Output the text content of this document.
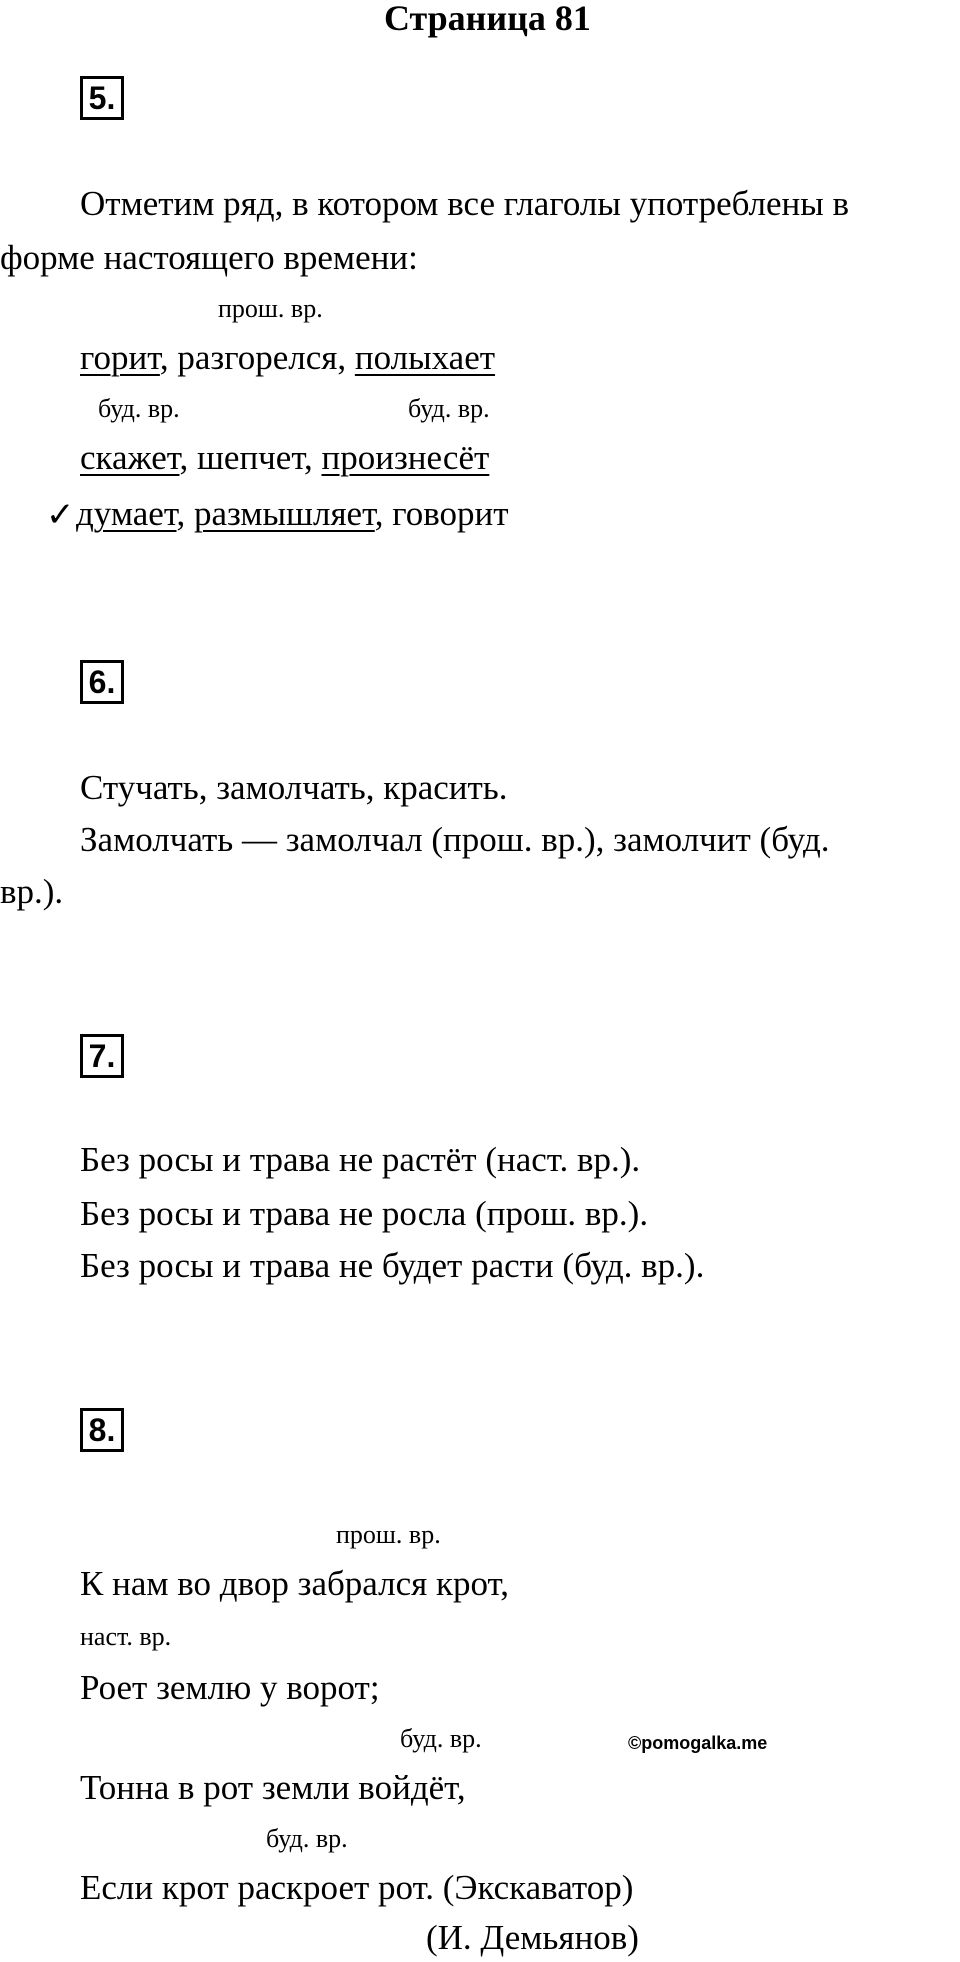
Страница 81
5.
Отметим ряд, в котором все глаголы употреблены в
форме настоящего времени:
прош. вр.
горит, разгорелся, полыхает
буд. вр.	буд. вр.
скажет, шепчет, произнесёт
✓ думает, размышляет, говорит
6.
Стучать, замолчать, красить.
Замолчать — замолчал (прош. вр.), замолчит (буд.
вр.).
7.
Без росы и трава не растёт (наст. вр.).
Без росы и трава не росла (прош. вр.).
Без росы и трава не будет расти (буд. вр.).
8.
прош. вр.
К нам во двор забрался крот,
наст. вр.
Роет землю у ворот;
буд. вр.	©pomogalka.me
Тонна в рот земли войдёт,
буд. вр.
Если крот раскроет рот. (Экскаватор)
(И. Демьянов)
